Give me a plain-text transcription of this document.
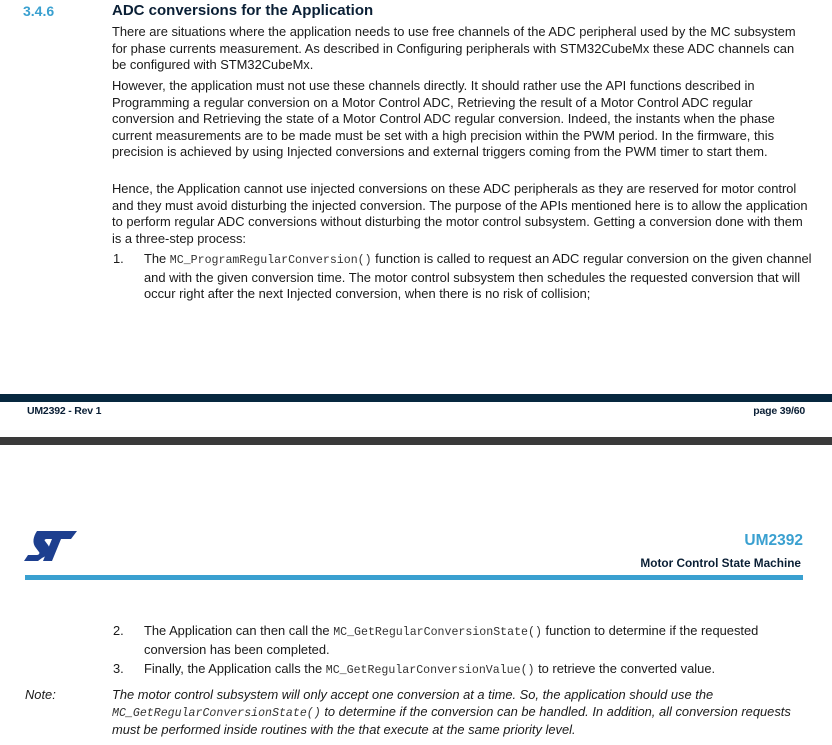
3.4.6	ADC conversions for the Application

There are situations where the application needs to use free channels of the ADC peripheral used by the MC subsystem for phase currents measurement. As described in Configuring peripherals with STM32CubeMx these ADC channels can be configured with STM32CubeMx.

However, the application must not use these channels directly. It should rather use the API functions described in Programming a regular conversion on a Motor Control ADC, Retrieving the result of a Motor Control ADC regular conversion and Retrieving the state of a Motor Control ADC regular conversion. Indeed, the instants when the phase current measurements are to be made must be set with a high precision within the PWM period. In the firmware, this precision is achieved by using Injected conversions and external triggers coming from the PWM timer to start them.

Hence, the Application cannot use injected conversions on these ADC peripherals as they are reserved for motor control and they must avoid disturbing the injected conversion. The purpose of the APIs mentioned here is to allow the application to perform regular ADC conversions without disturbing the motor control subsystem. Getting a conversion done with them is a three-step process:

1. The MC_ProgramRegularConversion() function is called to request an ADC regular conversion on the given channel and with the given conversion time. The motor control subsystem then schedules the requested conversion that will occur right after the next Injected conversion, when there is no risk of collision;

UM2392 - Rev 1	page 39/60
UM2392
Motor Control State Machine
2. The Application can then call the MC_GetRegularConversionState() function to determine if the requested conversion has been completed.

3. Finally, the Application calls the MC_GetRegularConversionValue() to retrieve the converted value.

Note:	The motor control subsystem will only accept one conversion at a time. So, the application should use the MC_GetRegularConversionState() to determine if the conversion can be handled. In addition, all conversion requests must be performed inside routines with the that execute at the same priority level.
